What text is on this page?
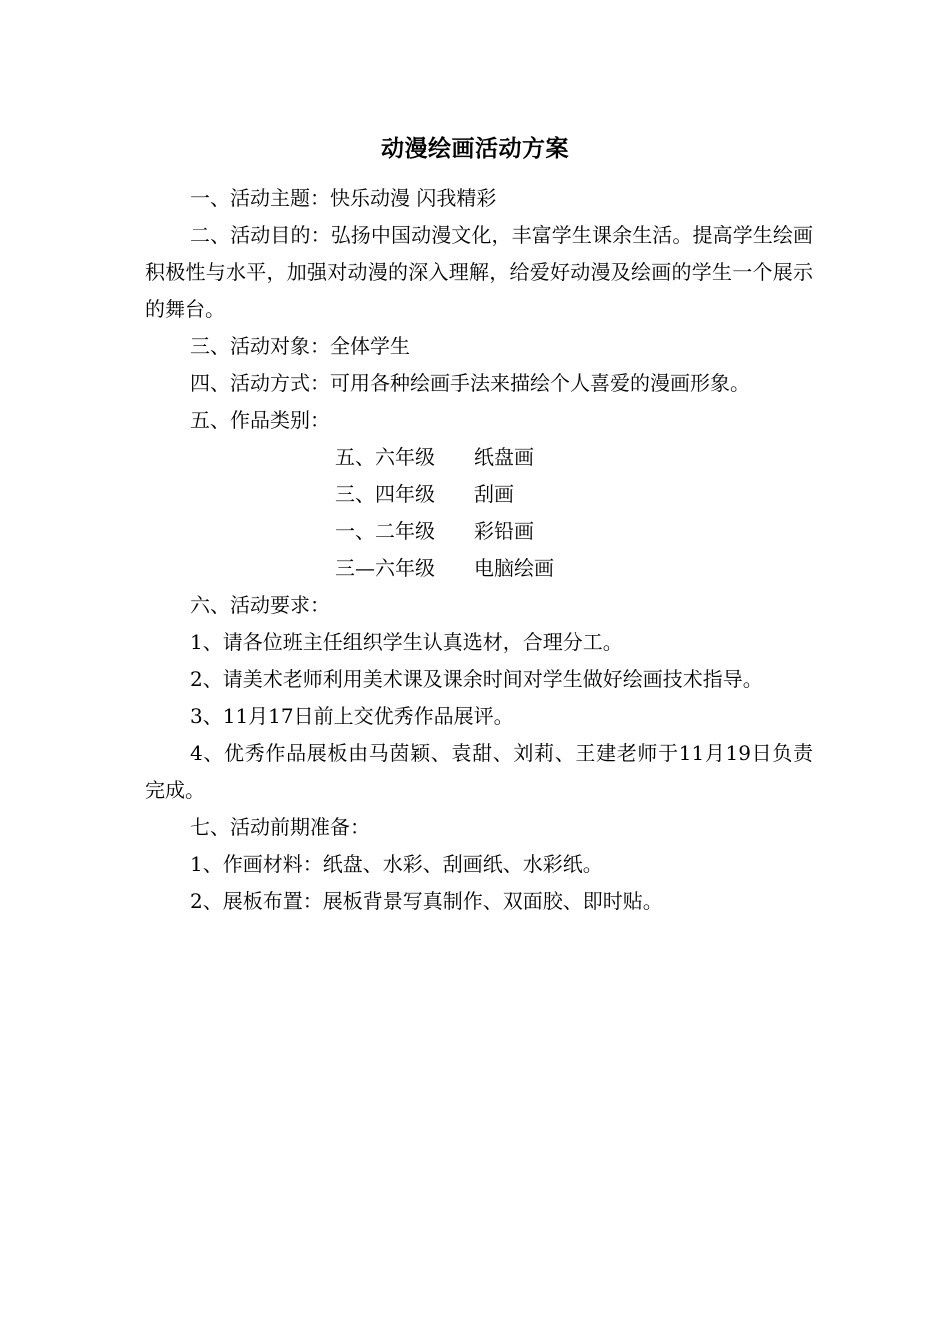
动漫绘画活动方案

一、活动主题：快乐动漫 闪我精彩

二、活动目的：弘扬中国动漫文化，丰富学生课余生活。提高学生绘画积极性与水平，加强对动漫的深入理解，给爱好动漫及绘画的学生一个展示的舞台。

三、活动对象：全体学生

四、活动方式：可用各种绘画手法来描绘个人喜爱的漫画形象。

五、作品类别：

五、六年级 纸盘画
三、四年级 刮画
一、二年级 彩铅画
三—六年级 电脑绘画

六、活动要求：

1、请各位班主任组织学生认真选材，合理分工。

2、请美术老师利用美术课及课余时间对学生做好绘画技术指导。

3、11月17日前上交优秀作品展评。

4、优秀作品展板由马茵颖、袁甜、刘莉、王建老师于11月19日负责完成。

七、活动前期准备：

1、作画材料：纸盘、水彩、刮画纸、水彩纸。

2、展板布置：展板背景写真制作、双面胶、即时贴。
